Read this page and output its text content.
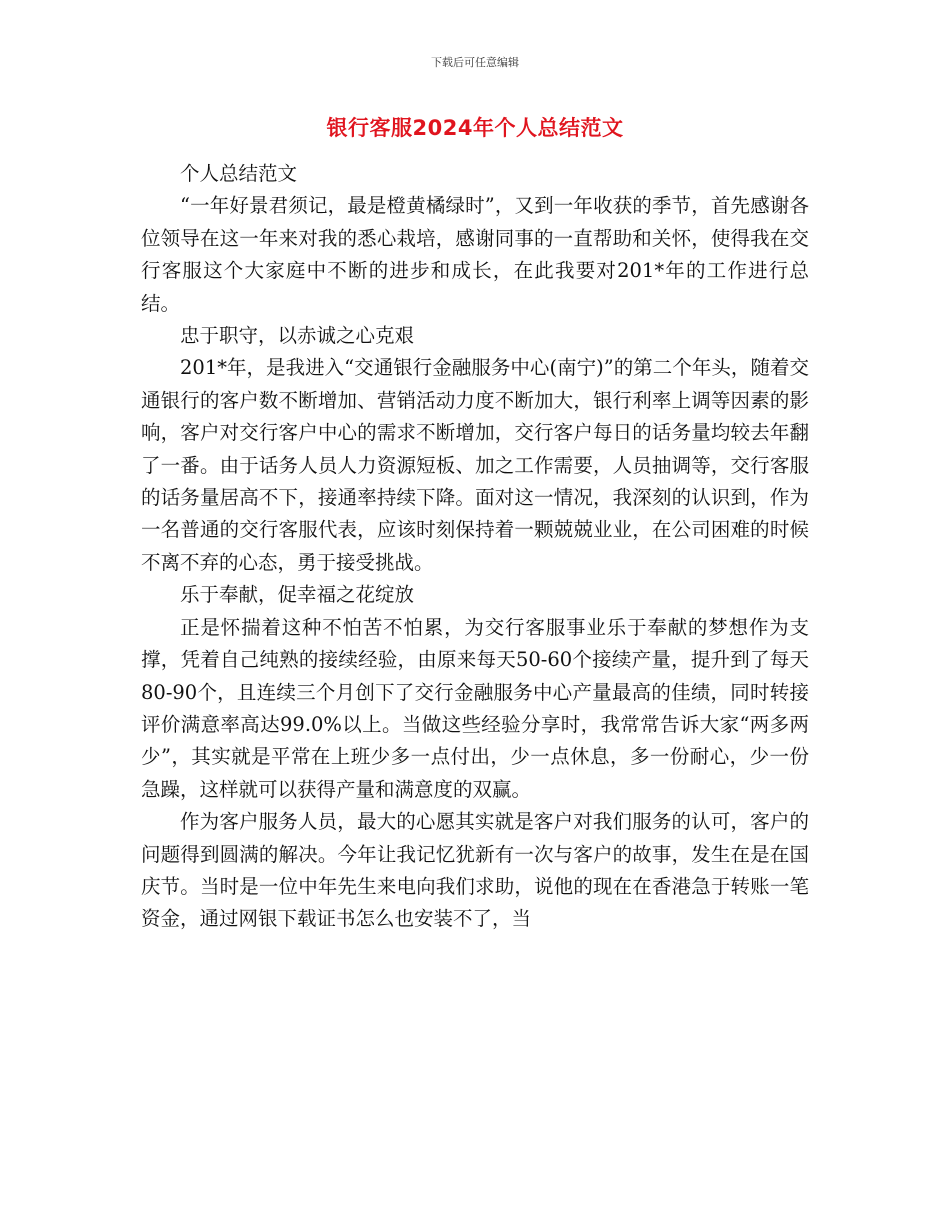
下载后可任意编辑
银行客服2024年个人总结范文

个人总结范文

“一年好景君须记，最是橙黄橘绿时”，又到一年收获的季节，首先感谢各位领导在这一年来对我的悉心栽培，感谢同事的一直帮助和关怀，使得我在交行客服这个大家庭中不断的进步和成长，在此我要对201*年的工作进行总结。

忠于职守，以赤诚之心克艰

201*年，是我进入“交通银行金融服务中心(南宁)”的第二个年头，随着交通银行的客户数不断增加、营销活动力度不断加大，银行利率上调等因素的影响，客户对交行客户中心的需求不断增加，交行客户每日的话务量均较去年翻了一番。由于话务人员人力资源短板、加之工作需要，人员抽调等，交行客服的话务量居高不下，接通率持续下降。面对这一情况，我深刻的认识到，作为一名普通的交行客服代表，应该时刻保持着一颗兢兢业业，在公司困难的时候不离不弃的心态，勇于接受挑战。

乐于奉献，促幸福之花绽放

正是怀揣着这种不怕苦不怕累，为交行客服事业乐于奉献的梦想作为支撑，凭着自己纯熟的接续经验，由原来每天50-60个接续产量，提升到了每天80-90个，且连续三个月创下了交行金融服务中心产量最高的佳绩，同时转接评价满意率高达99.0%以上。当做这些经验分享时，我常常告诉大家“两多两少”，其实就是平常在上班少多一点付出，少一点休息，多一份耐心，少一份急躁，这样就可以获得产量和满意度的双赢。

作为客户服务人员，最大的心愿其实就是客户对我们服务的认可，客户的问题得到圆满的解决。今年让我记忆犹新有一次与客户的故事，发生在是在国庆节。当时是一位中年先生来电向我们求助，说他的现在在香港急于转账一笔资金，通过网银下载证书怎么也安装不了，当
